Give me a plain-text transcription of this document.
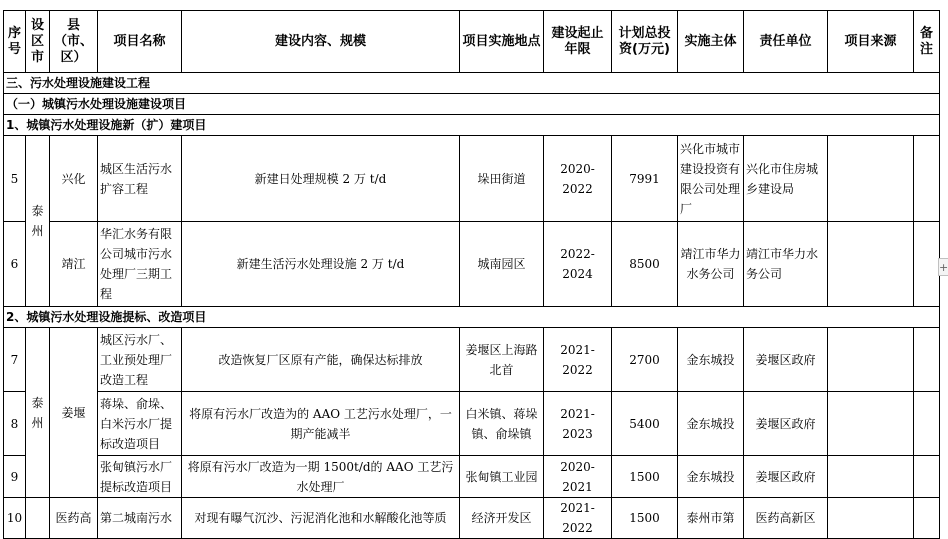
序号	设区市	县（市、区）	项目名称	建设内容、规模	项目实施地点	建设起止年限	计划总投资(万元)	实施主体	责任单位	项目来源	备注
三、污水处理设施建设工程											
（一）城镇污水处理设施建设项目											
1、城镇污水处理设施新（扩）建项目											
5	泰州	兴化	城区生活污水扩容工程	新建日处理规模 2 万 t/d	垛田街道	2020-2022	7991	兴化市城市建设投资有限公司处理厂	兴化市住房城乡建设局		
6		靖江	华汇水务有限公司城市污水处理厂三期工程	新建生活污水处理设施 2 万 t/d	城南园区	2022-2024	8500	靖江市华力水务公司	靖江市华力水务公司		
2、城镇污水处理设施提标、改造项目											
7	泰州	姜堰	城区污水厂、工业预处理厂改造工程	改造恢复厂区原有产能，确保达标排放	姜堰区上海路北首	2021-2022	2700	金东城投	姜堰区政府		
8			蒋垛、俞垛、白米污水厂提标改造项目	将原有污水厂改造为的 AAO 工艺污水处理厂，一期产能减半	白米镇、蒋垛镇、俞垛镇	2021-2023	5400	金东城投	姜堰区政府		
9			张甸镇污水厂提标改造项目	将原有污水厂改造为一期 1500t/d的 AAO 工艺污水处理厂	张甸镇工业园	2020-2021	1500	金东城投	姜堰区政府		
10		医药高	第二城南污水	对现有曝气沉沙、污泥消化池和水解酸化池等质	经济开发区	2021-2022	1500	泰州市第	医药高新区		
+
